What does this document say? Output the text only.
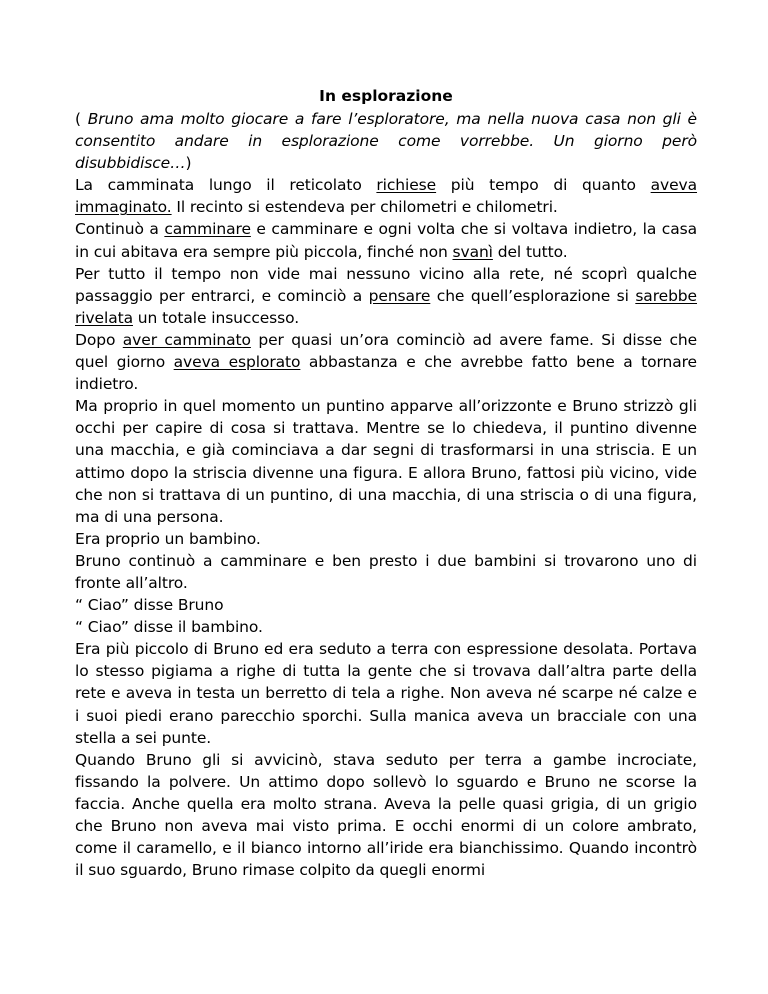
In esplorazione

( Bruno ama molto giocare a fare l’esploratore, ma nella nuova casa non gli è consentito andare in esplorazione come vorrebbe. Un giorno però disubbidisce…)

La camminata lungo il reticolato richiese più tempo di quanto aveva immaginato. Il recinto si estendeva per chilometri e chilometri.

Continuò a camminare e camminare e ogni volta che si voltava indietro, la casa in cui abitava era sempre più piccola, finché non svanì del tutto.

Per tutto il tempo non vide mai nessuno vicino alla rete, né scoprì qualche passaggio per entrarci, e cominciò a pensare che quell’esplorazione si sarebbe rivelata un totale insuccesso.

Dopo aver camminato per quasi un’ora cominciò ad avere fame. Si disse che quel giorno aveva esplorato abbastanza e che avrebbe fatto bene a tornare indietro.

Ma proprio in quel momento un puntino apparve all’orizzonte e Bruno strizzò gli occhi per capire di cosa si trattava. Mentre se lo chiedeva, il puntino divenne una macchia, e già cominciava a dar segni di trasformarsi in una striscia. E un attimo dopo la striscia divenne una figura. E allora Bruno, fattosi più vicino, vide che non si trattava di un puntino, di una macchia, di una striscia o di una figura, ma di una persona.

Era proprio un bambino.

Bruno continuò a camminare e ben presto i due bambini si trovarono uno di fronte all’altro.

“ Ciao” disse Bruno

“ Ciao” disse il bambino.

Era più piccolo di Bruno ed era seduto a terra con espressione desolata. Portava lo stesso pigiama a righe di tutta la gente che si trovava dall’altra parte della rete e aveva in testa un berretto di tela a righe. Non aveva né scarpe né calze e i suoi piedi erano parecchio sporchi. Sulla manica aveva un bracciale con una stella a sei punte.

Quando Bruno gli si avvicinò, stava seduto per terra a gambe incrociate, fissando la polvere. Un attimo dopo sollevò lo sguardo e Bruno ne scorse la faccia. Anche quella era molto strana. Aveva la pelle quasi grigia, di un grigio che Bruno non aveva mai visto prima. E occhi enormi di un colore ambrato, come il caramello, e il bianco intorno all’iride era bianchissimo. Quando incontrò il suo sguardo, Bruno rimase colpito da quegli enormi
